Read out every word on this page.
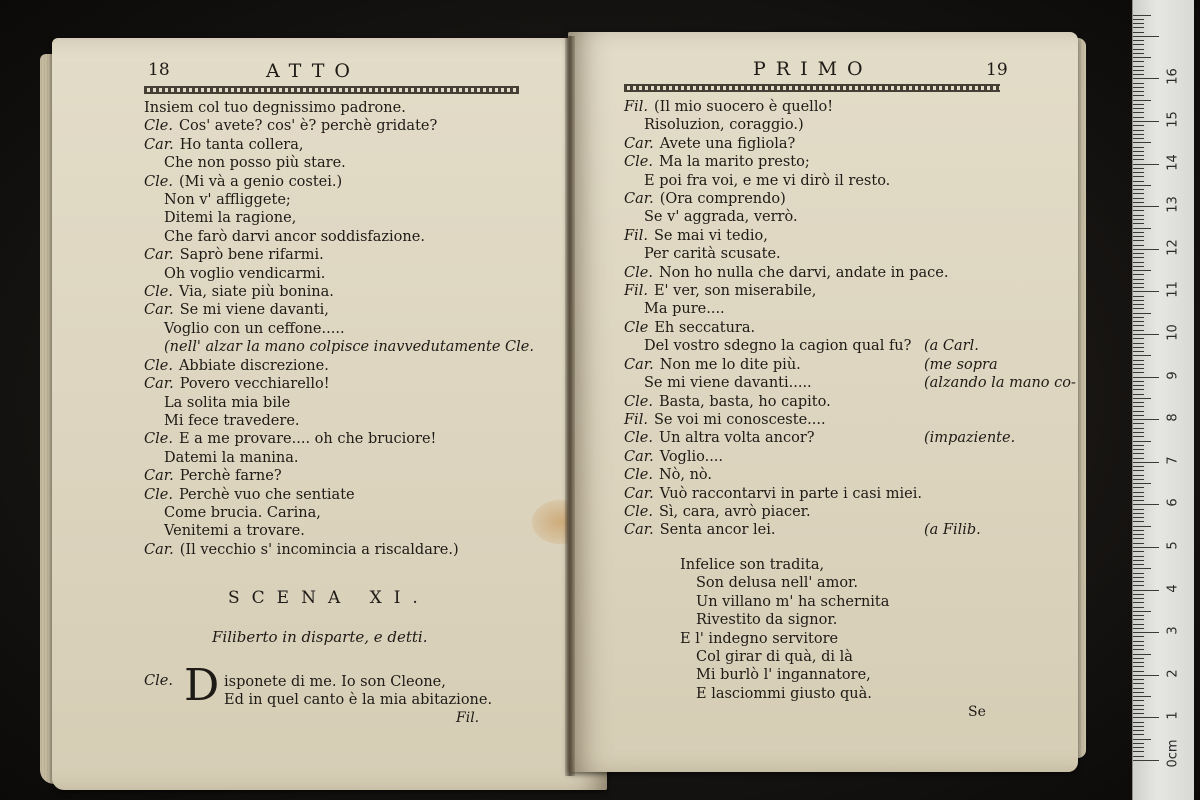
18	ATTO
Insiem col tuo degnissimo padrone.
Cle. Cos' avete? cos' è? perchè gridate?
Car. Ho tanta collera,
Che non posso più stare.
Cle. (Mi và a genio costei.)
Non v' affliggete;
Ditemi la ragione,
Che farò darvi ancor soddisfazione.
Car. Saprò bene rifarmi.
Oh voglio vendicarmi.
Cle. Via, siate più bonina.
Car. Se mi viene davanti,
Voglio con un ceffone.....
(nell' alzar la mano colpisce inavvedutamente Cle.
Cle. Abbiate discrezione.
Car. Povero vecchiarello!
La solita mia bile
Mi fece travedere.
Cle. E a me provare.... oh che bruciore!
Datemi la manina.
Car. Perchè farne?
Cle. Perchè vuo che sentiate
Come brucia. Carina,
Venitemi a trovare.
Car. (Il vecchio s' incomincia a riscaldare.)
SCENA XI.
Filiberto in disparte, e detti.
Cle. D isponete di me. Io son Cleone,
Ed in quel canto è la mia abitazione.
Fil.
PRIMO	19
Fil. (Il mio suocero è quello!
Risoluzion, coraggio.)
Car. Avete una figliola?
Cle. Ma la marito presto;
E poi fra voi, e me vi dirò il resto.
Car. (Ora comprendo)
Se v' aggrada, verrò.
Fil. Se mai vi tedio,
Per carità scusate.
Cle. Non ho nulla che darvi, andate in pace.
Fil. E' ver, son miserabile,
Ma pure....
Cle Eh seccatura.
Del vostro sdegno la cagion qual fu? (a Carl.
Car. Non me lo dite più.	(me sopra
Se mi viene davanti.....	(alzando la mano co-
Cle. Basta, basta, ho capito.
Fil. Se voi mi conosceste....
Cle. Un altra volta ancor?	(impaziente.
Car. Voglio....
Cle. Nò, nò.
Car. Vuò raccontarvi in parte i casi miei.
Cle. Sì, cara, avrò piacer.
Car. Senta ancor lei.	(a Filib.
Infelice son tradita,
Son delusa nell' amor.
Un villano m' ha schernita
Rivestito da signor.
E l' indegno servitore
Col girar di quà, di là
Mi burlò l' ingannatore,
E lasciommi giusto quà.
Se
0cm
1
2
3
4
5
6
7
8
9
10
11
12
13
14
15
16
